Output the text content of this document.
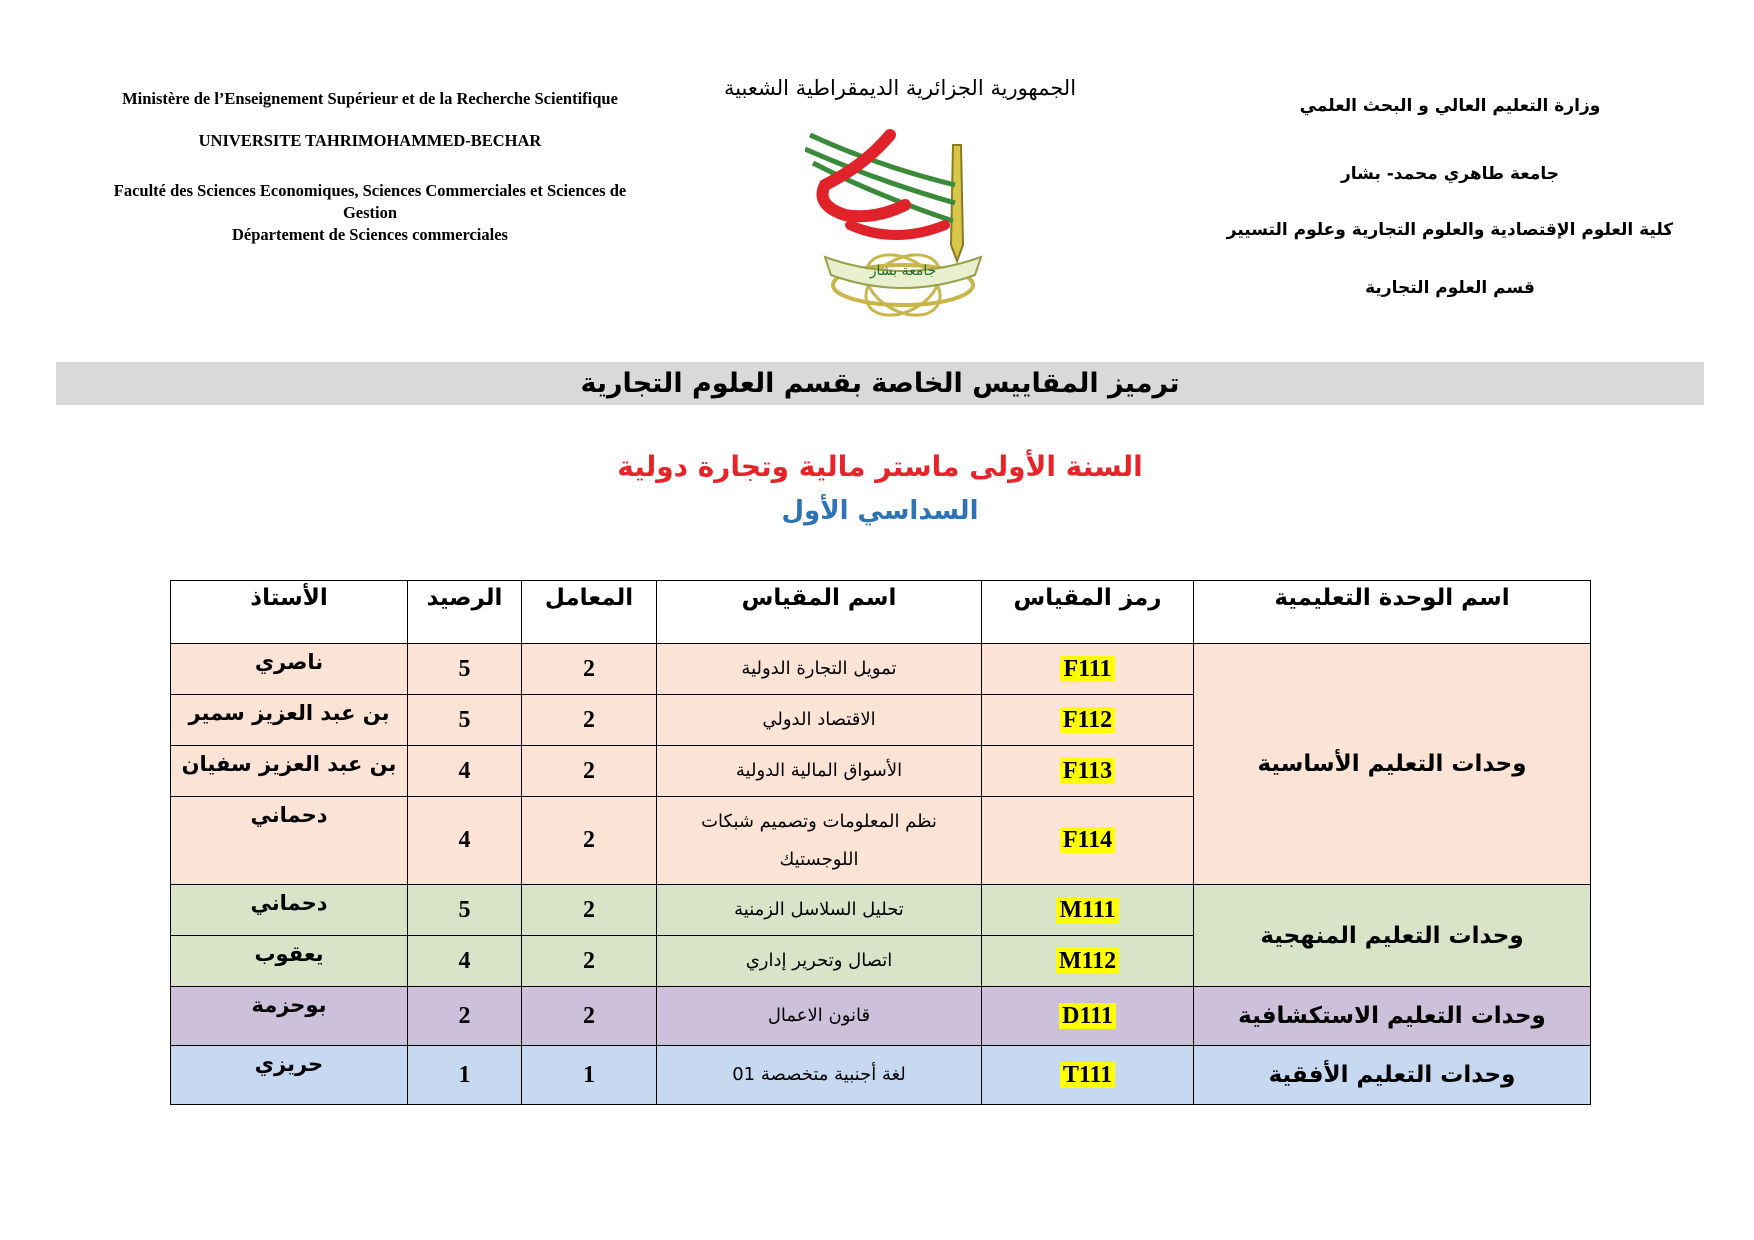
Ministère de l’Enseignement Supérieur et de la Recherche Scientifique
UNIVERSITE TAHRIMOHAMMED-BECHAR
Faculté des Sciences Economiques, Sciences Commerciales et Sciences de Gestion
Département de Sciences commerciales
الجمهورية الجزائرية الديمقراطية الشعبية
جامعة بشار
وزارة التعليم العالي و البحث العلمي
جامعة طاهري محمد- بشار
كلية العلوم الإقتصادية والعلوم التجارية وعلوم التسيير
قسم العلوم التجارية
ترميز المقاييس الخاصة بقسم العلوم التجارية
السنة الأولى ماستر مالية وتجارة دولية
السداسي الأول
اسم الوحدة التعليمية	رمز المقياس	اسم المقياس	المعامل	الرصيد	الأستاذ
وحدات التعليم الأساسية	F111	تمويل التجارة الدولية	2	5	ناصري
	F112	الاقتصاد الدولي	2	5	بن عبد العزيز سمير
	F113	الأسواق المالية الدولية	2	4	بن عبد العزيز سفيان
	F114	نظم المعلومات وتصميم شبكات اللوجستيك	2	4	دحماني
وحدات التعليم المنهجية	M111	تحليل السلاسل الزمنية	2	5	دحماني
	M112	اتصال وتحرير إداري	2	4	يعقوب
وحدات التعليم الاستكشافية	D111	قانون الاعمال	2	2	بوحزمة
وحدات التعليم الأفقية	T111	لغة أجنبية متخصصة 01	1	1	حريزي
